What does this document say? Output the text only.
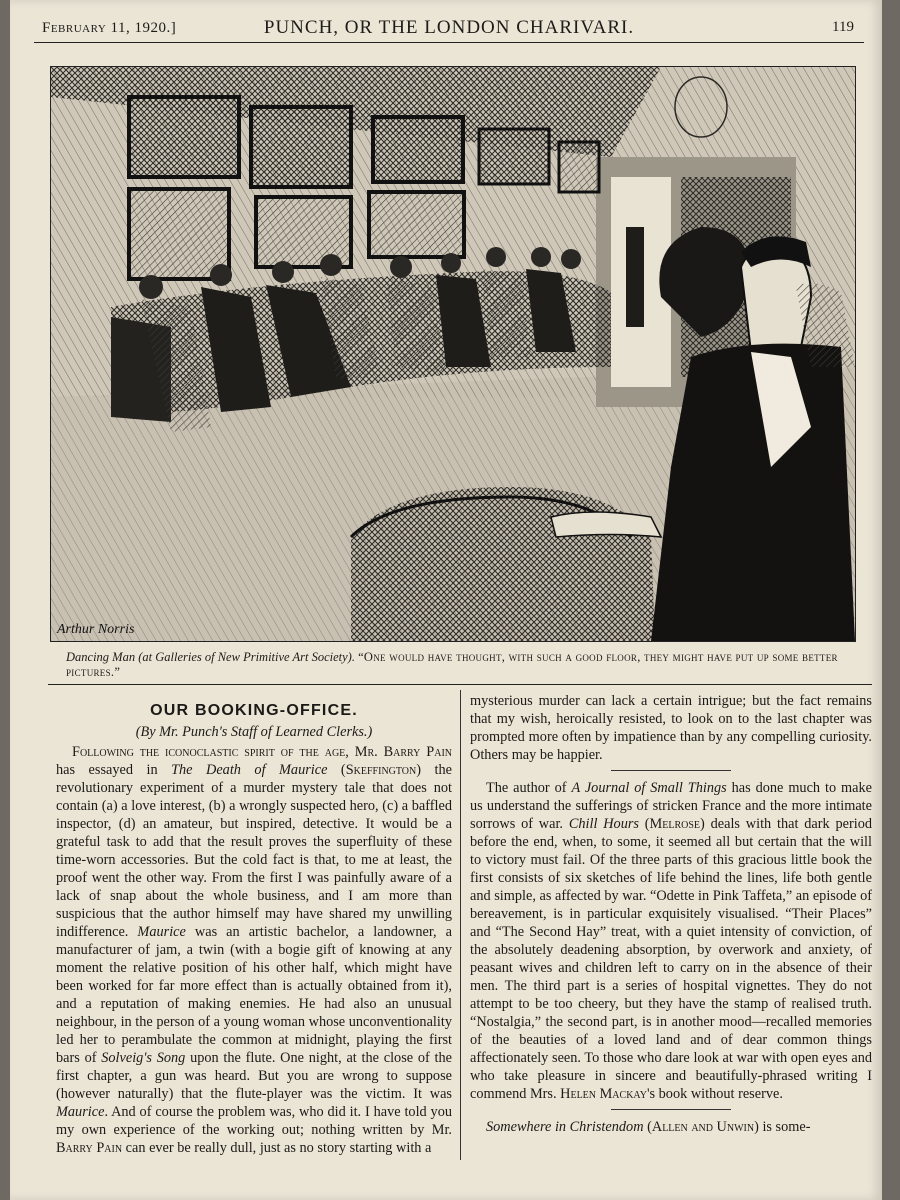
February 11, 1920.]	PUNCH, OR THE LONDON CHARIVARI.	119
Arthur Norris
Dancing Man (at Galleries of New Primitive Art Society). “One would have thought, with such a good floor, they might have put up some better pictures.”
OUR BOOKING-OFFICE.
(By Mr. Punch's Staff of Learned Clerks.)

Following the iconoclastic spirit of the age, Mr. Barry Pain has essayed in The Death of Maurice (Skeffington) the revolutionary experiment of a murder mystery tale that does not contain (a) a love interest, (b) a wrongly suspected hero, (c) a baffled inspector, (d) an amateur, but inspired, detective. It would be a grateful task to add that the result proves the superfluity of these time-worn accessories. But the cold fact is that, to me at least, the proof went the other way. From the first I was painfully aware of a lack of snap about the whole business, and I am more than suspicious that the author himself may have shared my unwilling indifference. Maurice was an artistic bachelor, a landowner, a manufacturer of jam, a twin (with a bogie gift of knowing at any moment the relative position of his other half, which might have been worked for far more effect than is actually obtained from it), and a reputation of making enemies. He had also an unusual neighbour, in the person of a young woman whose unconventionality led her to perambulate the common at midnight, playing the first bars of Solveig's Song upon the flute. One night, at the close of the first chapter, a gun was heard. But you are wrong to suppose (however naturally) that the flute-player was the victim. It was Maurice. And of course the problem was, who did it. I have told you my own experience of the working out; nothing written by Mr. Barry Pain can ever be really dull, just as no story starting with a

mysterious murder can lack a certain intrigue; but the fact remains that my wish, heroically resisted, to look on to the last chapter was prompted more often by impatience than by any compelling curiosity. Others may be happier.

The author of A Journal of Small Things has done much to make us understand the sufferings of stricken France and the more intimate sorrows of war. Chill Hours (Melrose) deals with that dark period before the end, when, to some, it seemed all but certain that the will to victory must fail. Of the three parts of this gracious little book the first consists of six sketches of life behind the lines, life both gentle and simple, as affected by war. “Odette in Pink Taffeta,” an episode of bereavement, is in particular exquisitely visualised. “Their Places” and “The Second Hay” treat, with a quiet intensity of conviction, of the absolutely deadening absorption, by overwork and anxiety, of peasant wives and children left to carry on in the absence of their men. The third part is a series of hospital vignettes. They do not attempt to be too cheery, but they have the stamp of realised truth. “Nostalgia,” the second part, is in another mood—recalled memories of the beauties of a loved land and of dear common things affectionately seen. To those who dare look at war with open eyes and who take pleasure in sincere and beautifully-phrased writing I commend Mrs. Helen Mackay's book without reserve.

Somewhere in Christendom (Allen and Unwin) is some-
